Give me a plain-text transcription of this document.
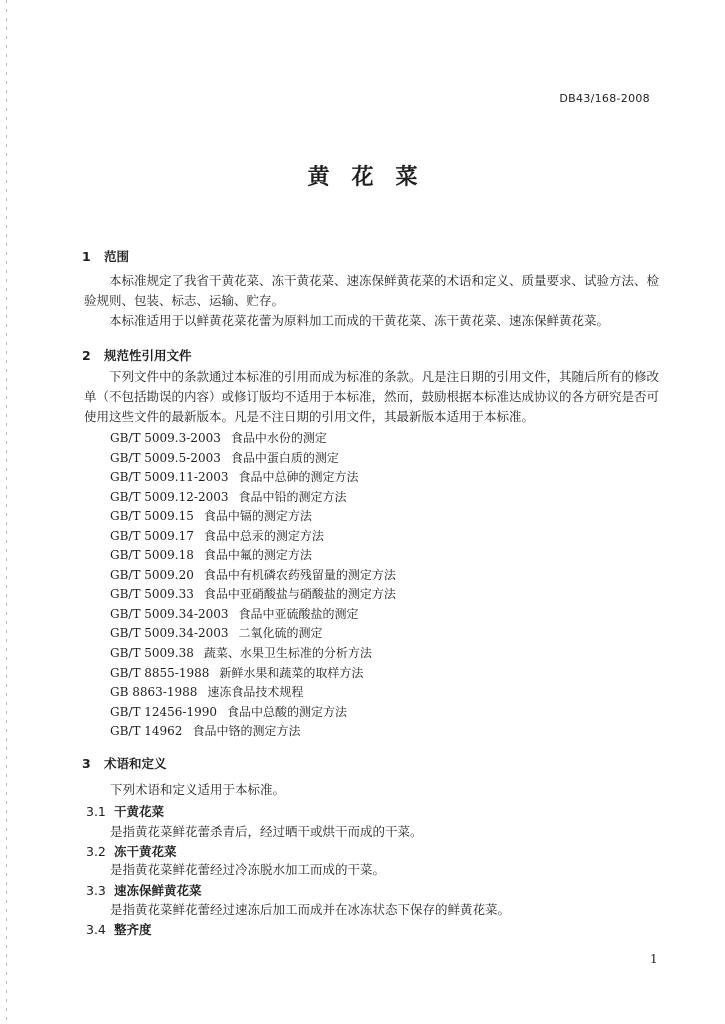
DB43/168-2008
黄花菜
1 范围

本标准规定了我省干黄花菜、冻干黄花菜、速冻保鲜黄花菜的术语和定义、质量要求、试验方法、检验规则、包装、标志、运输、贮存。

本标准适用于以鲜黄花菜花蕾为原料加工而成的干黄花菜、冻干黄花菜、速冻保鲜黄花菜。

2 规范性引用文件

下列文件中的条款通过本标准的引用而成为标准的条款。凡是注日期的引用文件，其随后所有的修改单（不包括勘误的内容）或修订版均不适用于本标准，然而，鼓励根据本标准达成协议的各方研究是否可使用这些文件的最新版本。凡是不注日期的引用文件，其最新版本适用于本标准。

GB/T 5009.3-2003 食品中水份的测定
GB/T 5009.5-2003 食品中蛋白质的测定
GB/T 5009.11-2003 食品中总砷的测定方法
GB/T 5009.12-2003 食品中铅的测定方法
GB/T 5009.15 食品中镉的测定方法
GB/T 5009.17 食品中总汞的测定方法
GB/T 5009.18 食品中氟的测定方法
GB/T 5009.20 食品中有机磷农药残留量的测定方法
GB/T 5009.33 食品中亚硝酸盐与硝酸盐的测定方法
GB/T 5009.34-2003 食品中亚硫酸盐的测定
GB/T 5009.34-2003 二氧化硫的测定
GB/T 5009.38 蔬菜、水果卫生标准的分析方法
GB/T 8855-1988 新鲜水果和蔬菜的取样方法
GB 8863-1988 速冻食品技术规程
GB/T 12456-1990 食品中总酸的测定方法
GB/T 14962 食品中铬的测定方法
3 术语和定义
下列术语和定义适用于本标准。
3.1 干黄花菜
是指黄花菜鲜花蕾杀青后，经过晒干或烘干而成的干菜。
3.2 冻干黄花菜
是指黄花菜鲜花蕾经过冷冻脱水加工而成的干菜。
3.3 速冻保鲜黄花菜
是指黄花菜鲜花蕾经过速冻后加工而成并在冰冻状态下保存的鲜黄花菜。
3.4 整齐度
1
